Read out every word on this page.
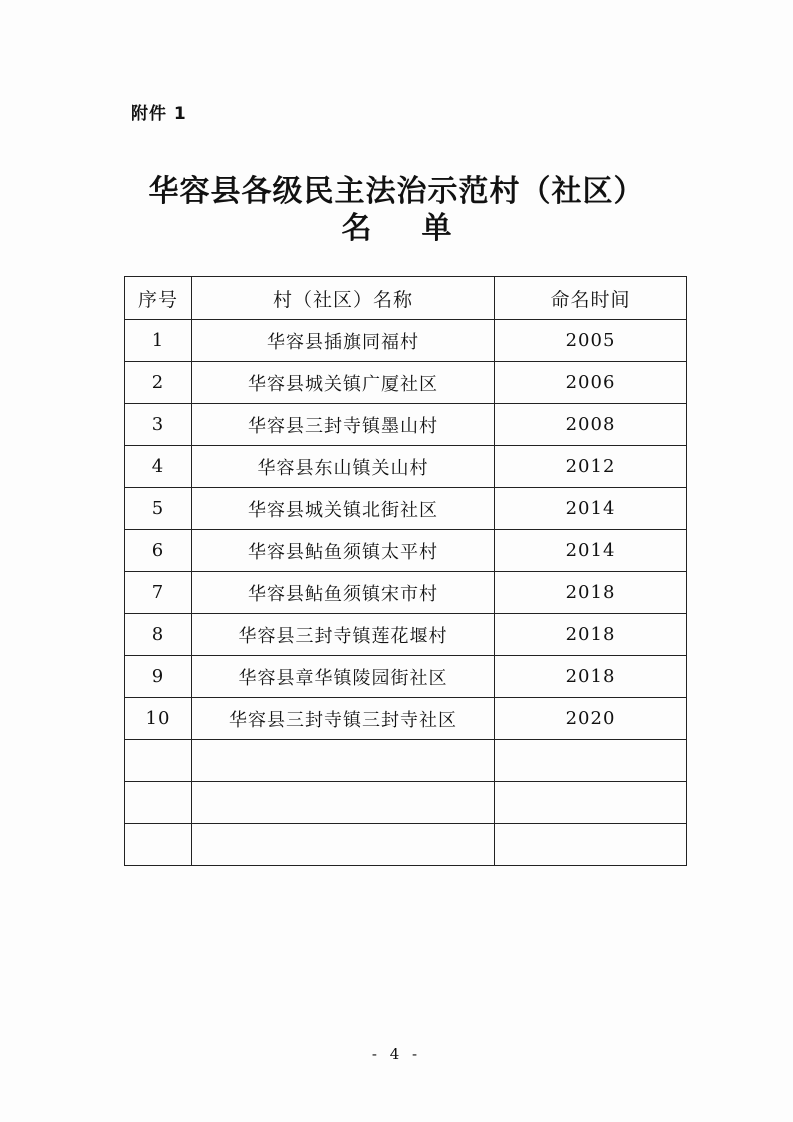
附件 1
华容县各级民主法治示范村（社区）
名单
序号	村（社区）名称	命名时间
1	华容县插旗同福村	2005
2	华容县城关镇广厦社区	2006
3	华容县三封寺镇墨山村	2008
4	华容县东山镇关山村	2012
5	华容县城关镇北街社区	2014
6	华容县鲇鱼须镇太平村	2014
7	华容县鲇鱼须镇宋市村	2018
8	华容县三封寺镇莲花堰村	2018
9	华容县章华镇陵园街社区	2018
10	华容县三封寺镇三封寺社区	2020

- 4 -
